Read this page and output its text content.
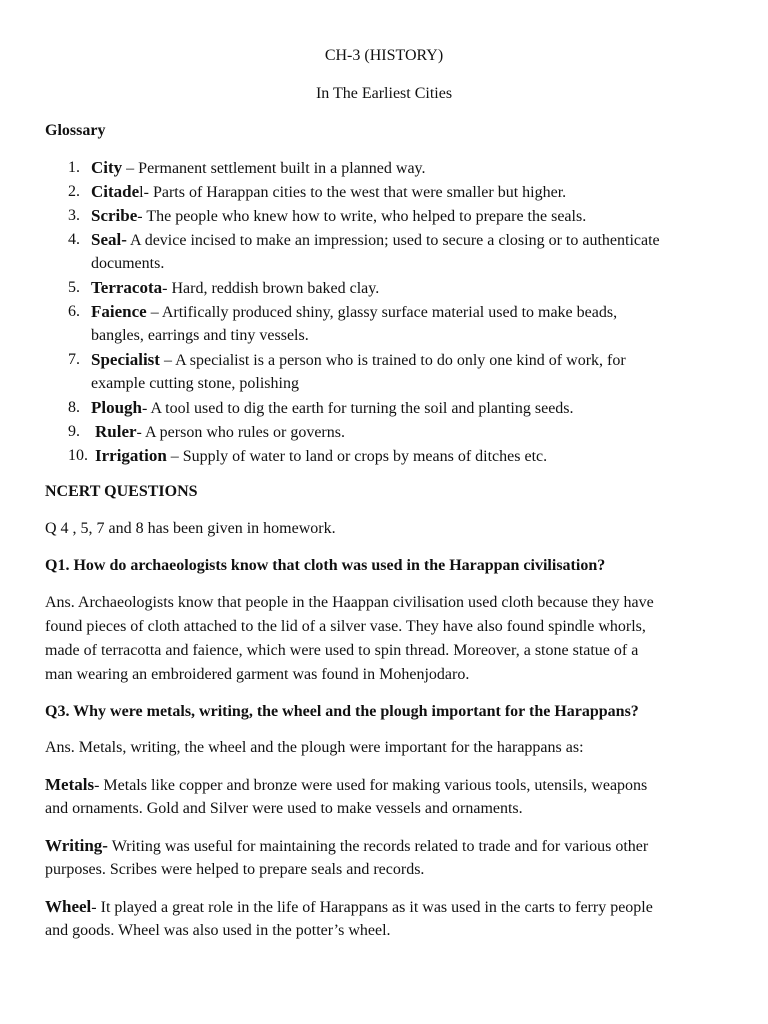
CH-3 (HISTORY)
In The Earliest Cities
Glossary
1. City – Permanent settlement built in a planned way.
2. Citadel- Parts of Harappan cities to the west that were smaller but higher.
3. Scribe- The people who knew how to write, who helped to prepare the seals.
4. Seal- A device incised to make an impression; used to secure a closing or to authenticate
documents.
5. Terracota- Hard, reddish brown baked clay.
6. Faience – Artifically produced shiny, glassy surface material used to make beads,
bangles, earrings and tiny vessels.
7. Specialist – A specialist is a person who is trained to do only one kind of work, for
example cutting stone, polishing
8. Plough- A tool used to dig the earth for turning the soil and planting seeds.
9. Ruler- A person who rules or governs.
10. Irrigation – Supply of water to land or crops by means of ditches etc.
NCERT QUESTIONS
Q 4 , 5, 7 and 8 has been given in homework.
Q1. How do archaeologists know that cloth was used in the Harappan civilisation?
Ans. Archaeologists know that people in the Haappan civilisation used cloth because they have
found pieces of cloth attached to the lid of a silver vase. They have also found spindle whorls,
made of terracotta and faience, which were used to spin thread. Moreover, a stone statue of a
man wearing an embroidered garment was found in Mohenjodaro.
Q3. Why were metals, writing, the wheel and the plough important for the Harappans?
Ans. Metals, writing, the wheel and the plough were important for the harappans as:
Metals- Metals like copper and bronze were used for making various tools, utensils, weapons
and ornaments. Gold and Silver were used to make vessels and ornaments.
Writing- Writing was useful for maintaining the records related to trade and for various other
purposes. Scribes were helped to prepare seals and records.
Wheel- It played a great role in the life of Harappans as it was used in the carts to ferry people
and goods. Wheel was also used in the potter’s wheel.
